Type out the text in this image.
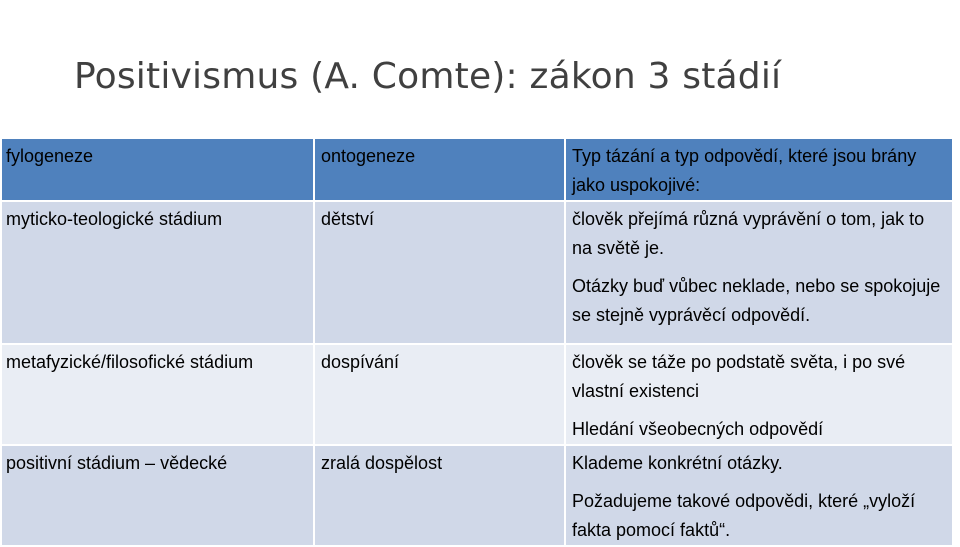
Positivismus (A. Comte): zákon 3 stádií
fylogeneze	ontogeneze	Typ tázání a typ odpovědí, které jsou brány jako uspokojivé:
myticko-teologické stádium	dětství	člověk přejímá různá vyprávění o tom, jak to na světě je.
Otázky buď vůbec neklade, nebo se spokojuje se stejně vyprávěcí odpovědí.
metafyzické/filosofické stádium	dospívání	člověk se táže po podstatě světa, i po své vlastní existenci
Hledání všeobecných odpovědí
positivní stádium – vědecké	zralá dospělost	Klademe konkrétní otázky.
Požadujeme takové odpovědi, které „vyloží fakta pomocí faktů“.
